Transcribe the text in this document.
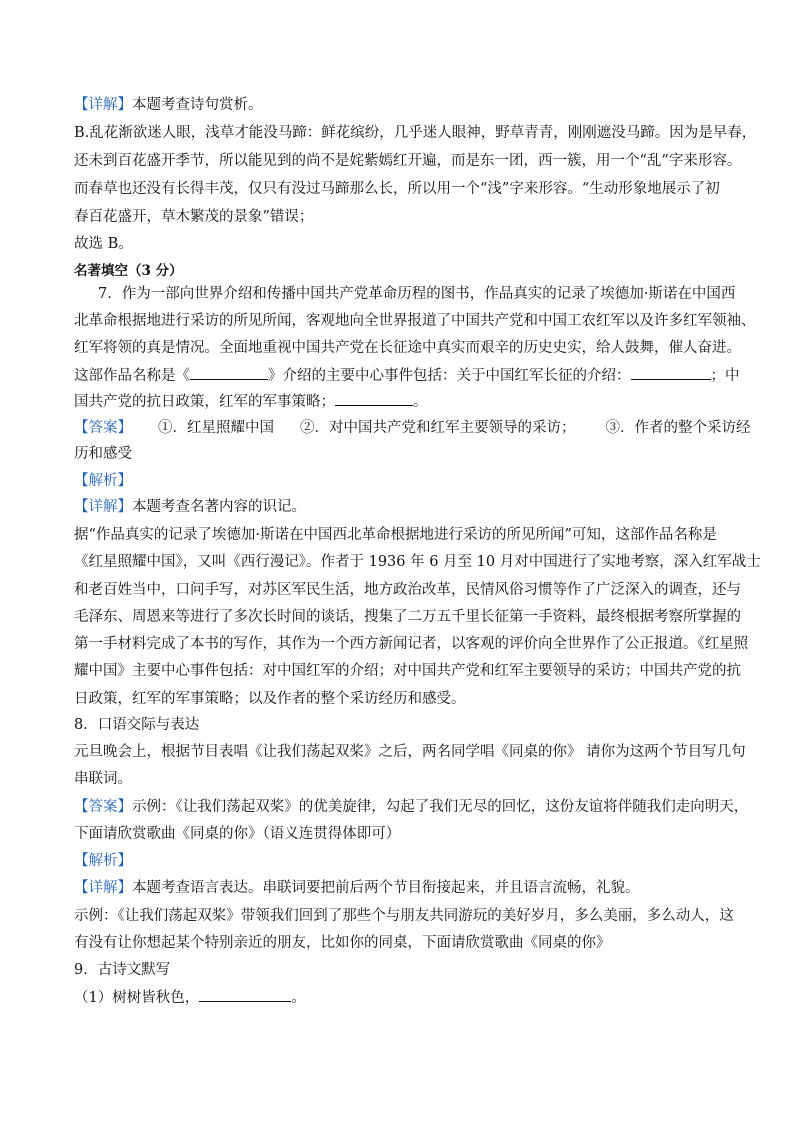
【详解】本题考查诗句赏析。
B.乱花渐欲迷人眼，浅草才能没马蹄：鲜花缤纷，几乎迷人眼神，野草青青，刚刚遮没马蹄。因为是早春，
还未到百花盛开季节，所以能见到的尚不是姹紫嫣红开遍，而是东一团，西一簇，用一个“乱”字来形容。
而春草也还没有长得丰茂，仅只有没过马蹄那么长，所以用一个“浅”字来形容。“生动形象地展示了初
春百花盛开，草木繁茂的景象”错误；
故选 B。
名著填空（3 分）
7．作为一部向世界介绍和传播中国共产党革命历程的图书，作品真实的记录了埃德加·斯诺在中国西
北革命根据地进行采访的所见所闻，客观地向全世界报道了中国共产党和中国工农红军以及许多红军领袖、
红军将领的真是情况。全面地重视中国共产党在长征途中真实而艰辛的历史史实，给人鼓舞，催人奋进。
这部作品名称是《	》介绍的主要中心事件包括：关于中国红军长征的介绍：	；中
国共产党的抗日政策，红军的军事策略；	。
【答案】 ①．红星照耀中国 ②．对中国共产党和红军主要领导的采访； ③．作者的整个采访经
历和感受
【解析】
【详解】本题考查名著内容的识记。
据“作品真实的记录了埃德加·斯诺在中国西北革命根据地进行采访的所见所闻”可知，这部作品名称是
《红星照耀中国》，又叫《西行漫记》。作者于 1936 年 6 月至 10 月对中国进行了实地考察，深入红军战士
和老百姓当中，口问手写，对苏区军民生活，地方政治改革，民情风俗习惯等作了广泛深入的调查，还与
毛泽东、周恩来等进行了多次长时间的谈话，搜集了二万五千里长征第一手资料，最终根据考察所掌握的
第一手材料完成了本书的写作，其作为一个西方新闻记者，以客观的评价向全世界作了公正报道。《红星照
耀中国》主要中心事件包括：对中国红军的介绍；对中国共产党和红军主要领导的采访；中国共产党的抗
日政策，红军的军事策略；以及作者的整个采访经历和感受。
8．口语交际与表达
元旦晚会上，根据节目表唱《让我们荡起双桨》之后，两名同学唱《同桌的你》 请你为这两个节目写几句
串联词。
【答案】示例：《让我们荡起双桨》的优美旋律，勾起了我们无尽的回忆，这份友谊将伴随我们走向明天，
下面请欣赏歌曲《同桌的你》（语义连贯得体即可）
【解析】
【详解】本题考查语言表达。串联词要把前后两个节目衔接起来，并且语言流畅，礼貌。
示例：《让我们荡起双桨》带领我们回到了那些个与朋友共同游玩的美好岁月，多么美丽，多么动人，这
有没有让你想起某个特别亲近的朋友，比如你的同桌，下面请欣赏歌曲《同桌的你》
9．古诗文默写
（1）树树皆秋色，	。
